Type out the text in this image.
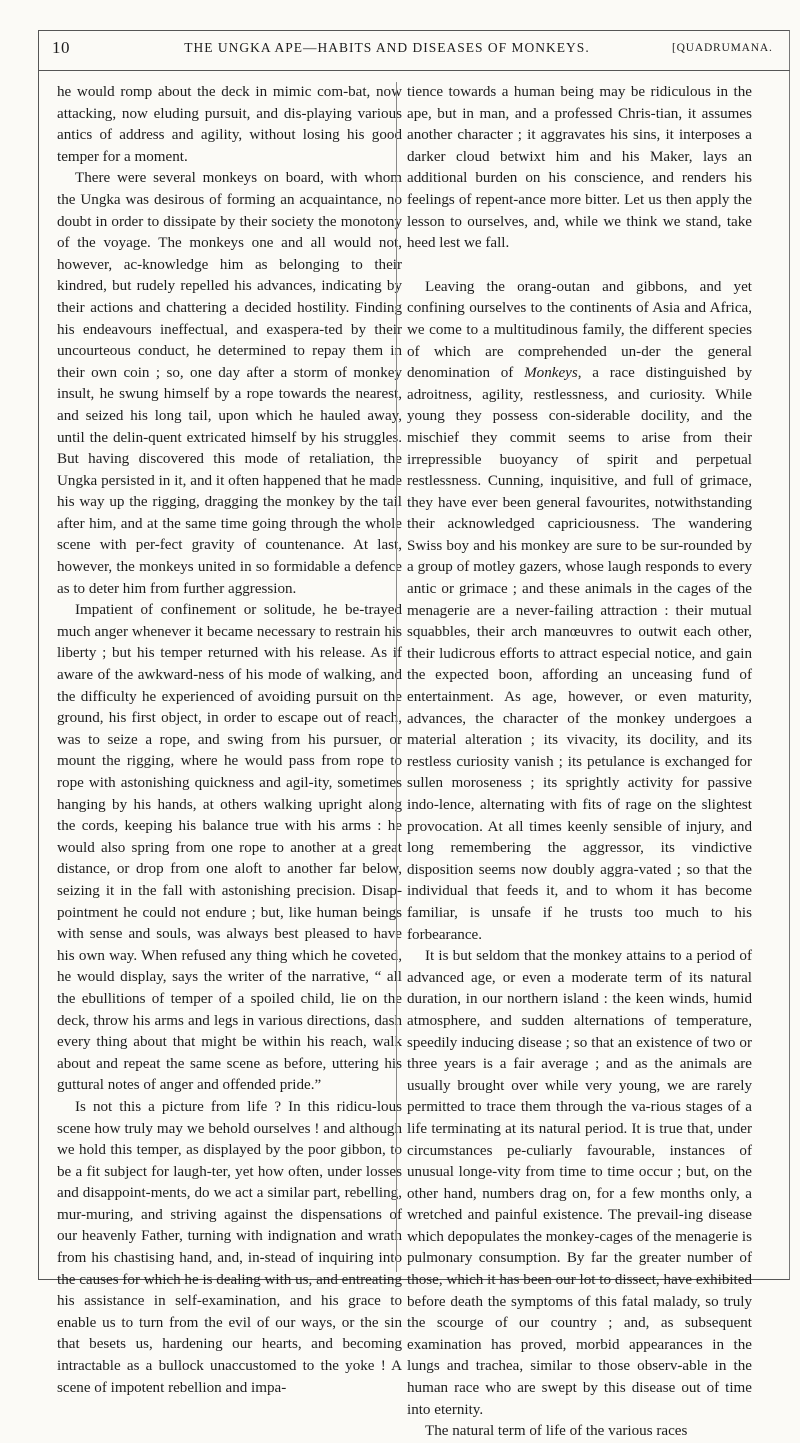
10	THE UNGKA APE—HABITS AND DISEASES OF MONKEYS.	[QUADRUMANA.

he would romp about the deck in mimic com-bat, now attacking, now eluding pursuit, and dis-playing various antics of address and agility, without losing his good temper for a moment.

There were several monkeys on board, with whom the Ungka was desirous of forming an acquaintance, no doubt in order to dissipate by their society the monotony of the voyage. The monkeys one and all would not, however, ac-knowledge him as belonging to their kindred, but rudely repelled his advances, indicating by their actions and chattering a decided hostility. Finding his endeavours ineffectual, and exaspera-ted by their uncourteous conduct, he determined to repay them in their own coin ; so, one day after a storm of monkey insult, he swung himself by a rope towards the nearest, and seized his long tail, upon which he hauled away, until the delin-quent extricated himself by his struggles. But having discovered this mode of retaliation, the Ungka persisted in it, and it often happened that he made his way up the rigging, dragging the monkey by the tail after him, and at the same time going through the whole scene with per-fect gravity of countenance. At last, however, the monkeys united in so formidable a defence as to deter him from further aggression.

Impatient of confinement or solitude, he be-trayed much anger whenever it became necessary to restrain his liberty ; but his temper returned with his release. As if aware of the awkward-ness of his mode of walking, and the difficulty he experienced of avoiding pursuit on the ground, his first object, in order to escape out of reach, was to seize a rope, and swing from his pursuer, or mount the rigging, where he would pass from rope to rope with astonishing quickness and agil-ity, sometimes hanging by his hands, at others walking upright along the cords, keeping his balance true with his arms : he would also spring from one rope to another at a great distance, or drop from one aloft to another far below, seizing it in the fall with astonishing precision. Disap-pointment he could not endure ; but, like human beings with sense and souls, was always best pleased to have his own way. When refused any thing which he coveted, he would display, says the writer of the narrative, “ all the ebullitions of temper of a spoiled child, lie on the deck, throw his arms and legs in various directions, dash every thing about that might be within his reach, walk about and repeat the same scene as before, uttering his guttural notes of anger and offended pride.”

Is not this a picture from life ? In this ridicu-lous scene how truly may we behold ourselves ! and although we hold this temper, as displayed by the poor gibbon, to be a fit subject for laugh-ter, yet how often, under losses and disappoint-ments, do we act a similar part, rebelling, mur-muring, and striving against the dispensations of our heavenly Father, turning with indignation and wrath from his chastising hand, and, in-stead of inquiring into the causes for which he is dealing with us, and entreating his assistance in self-examination, and his grace to enable us to turn from the evil of our ways, or the sin that besets us, hardening our hearts, and becoming intractable as a bullock unaccustomed to the yoke ! A scene of impotent rebellion and impa-

tience towards a human being may be ridiculous in the ape, but in man, and a professed Chris-tian, it assumes another character ; it aggravates his sins, it interposes a darker cloud betwixt him and his Maker, lays an additional burden on his conscience, and renders his feelings of repent-ance more bitter. Let us then apply the lesson to ourselves, and, while we think we stand, take heed lest we fall.

Leaving the orang-outan and gibbons, and yet confining ourselves to the continents of Asia and Africa, we come to a multitudinous family, the different species of which are comprehended un-der the general denomination of Monkeys, a race distinguished by adroitness, agility, restlessness, and curiosity. While young they possess con-siderable docility, and the mischief they commit seems to arise from their irrepressible buoyancy of spirit and perpetual restlessness. Cunning, inquisitive, and full of grimace, they have ever been general favourites, notwithstanding their acknowledged capriciousness. The wandering Swiss boy and his monkey are sure to be sur-rounded by a group of motley gazers, whose laugh responds to every antic or grimace ; and these animals in the cages of the menagerie are a never-failing attraction : their mutual squabbles, their arch manœuvres to outwit each other, their ludicrous efforts to attract especial notice, and gain the expected boon, affording an unceasing fund of entertainment. As age, however, or even maturity, advances, the character of the monkey undergoes a material alteration ; its vivacity, its docility, and its restless curiosity vanish ; its petulance is exchanged for sullen moroseness ; its sprightly activity for passive indo-lence, alternating with fits of rage on the slightest provocation. At all times keenly sensible of injury, and long remembering the aggressor, its vindictive disposition seems now doubly aggra-vated ; so that the individual that feeds it, and to whom it has become familiar, is unsafe if he trusts too much to his forbearance.

It is but seldom that the monkey attains to a period of advanced age, or even a moderate term of its natural duration, in our northern island : the keen winds, humid atmosphere, and sudden alternations of temperature, speedily inducing disease ; so that an existence of two or three years is a fair average ; and as the animals are usually brought over while very young, we are rarely permitted to trace them through the va-rious stages of a life terminating at its natural period. It is true that, under circumstances pe-culiarly favourable, instances of unusual longe-vity from time to time occur ; but, on the other hand, numbers drag on, for a few months only, a wretched and painful existence. The prevail-ing disease which depopulates the monkey-cages of the menagerie is pulmonary consumption. By far the greater number of those, which it has been our lot to dissect, have exhibited before death the symptoms of this fatal malady, so truly the scourge of our country ; and, as subsequent examination has proved, morbid appearances in the lungs and trachea, similar to those observ-able in the human race who are swept by this disease out of time into eternity.

The natural term of life of the various races
